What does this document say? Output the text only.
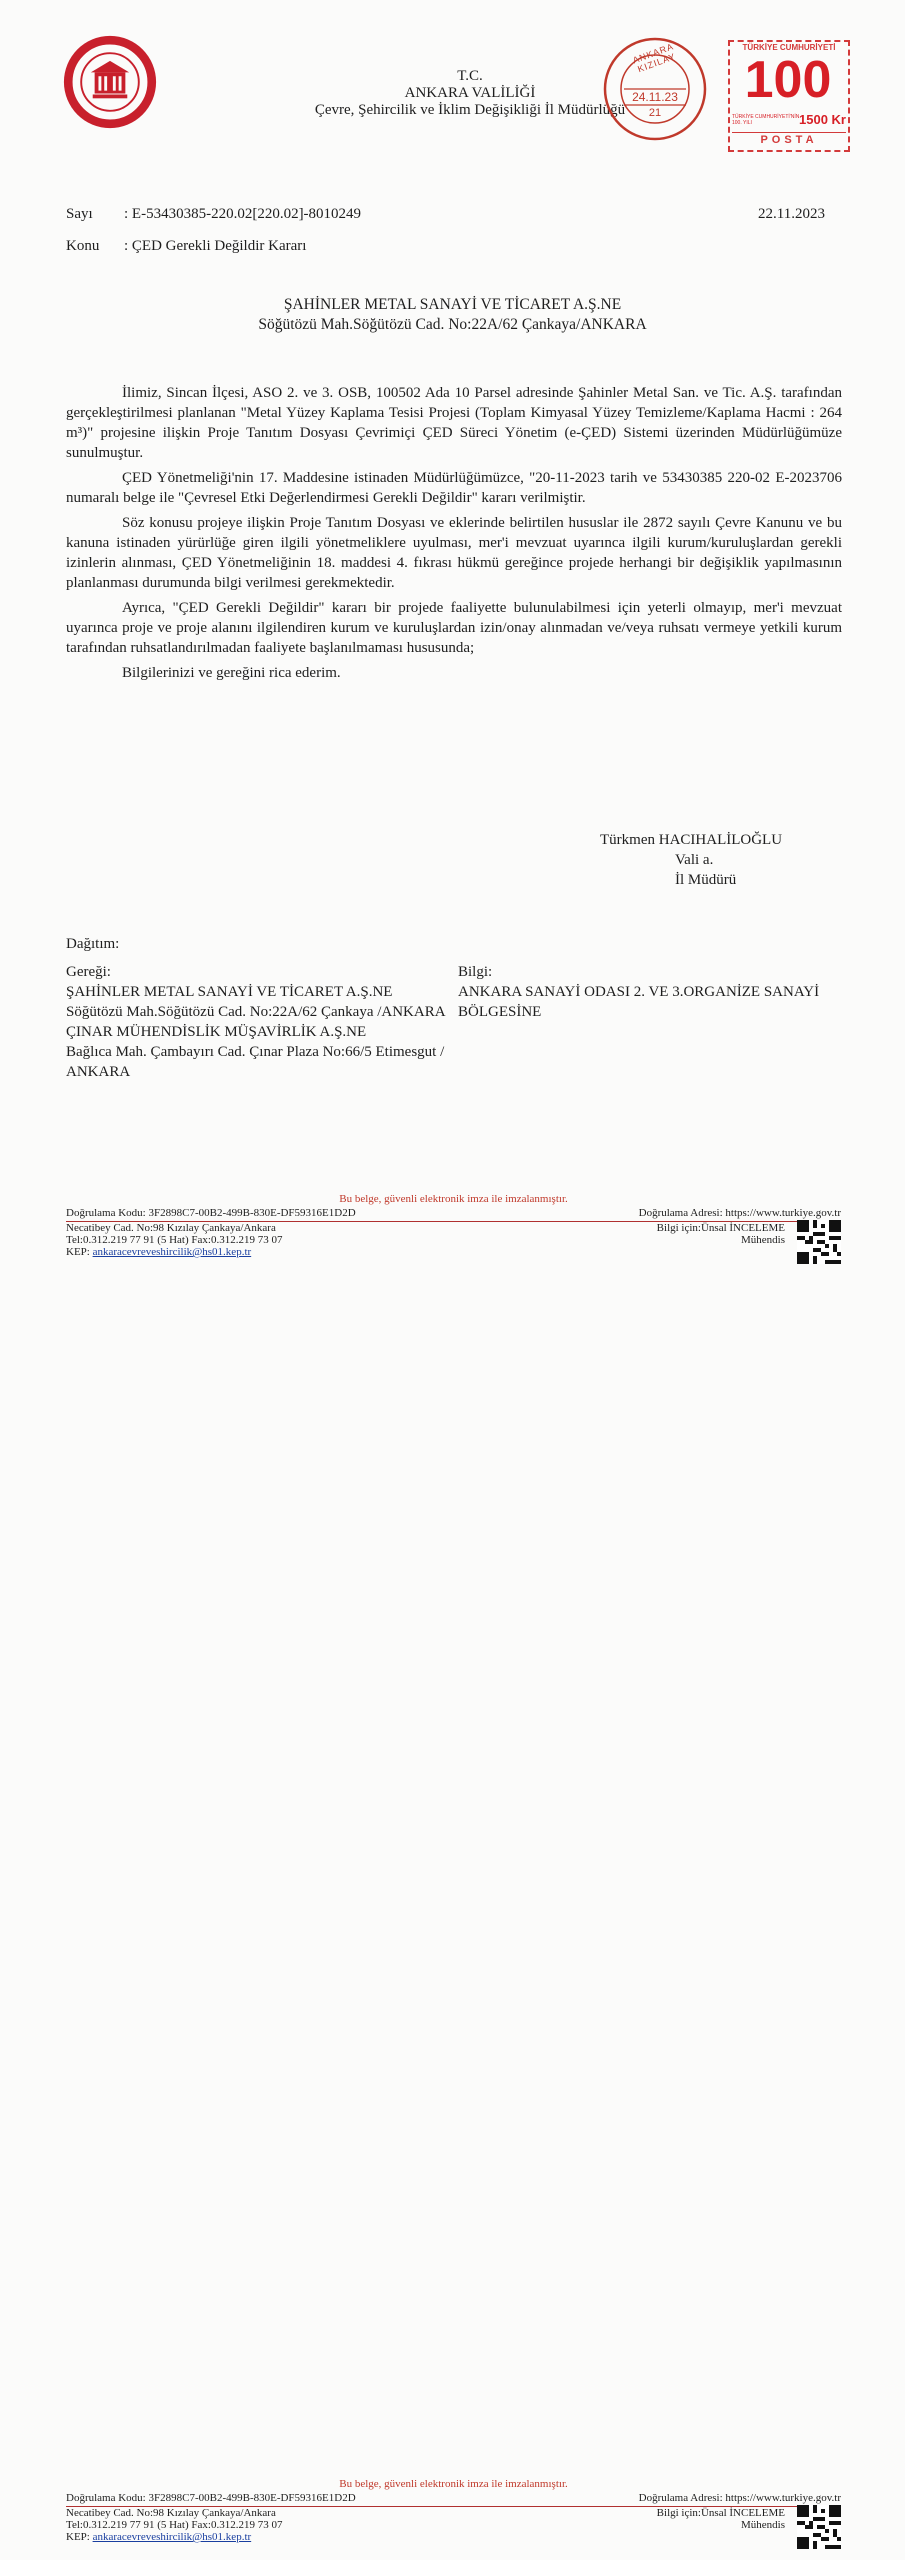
T.C.
ANKARA VALİLİĞİ
Çevre, Şehircilik ve İklim Değişikliği İl Müdürlüğü
ANKARA KIZILAY
24.11.23
21
TÜRKİYE CUMHURİYETİ
100
1500 Kr
TÜRKİYE CUMHURİYETİ'NİN 100. YILI
POSTA
Sayı : E-53430385-220.02[220.02]-8010249
Konu : ÇED Gerekli Değildir Kararı
22.11.2023
ŞAHİNLER METAL SANAYİ VE TİCARET A.Ş.NE
Söğütözü Mah.Söğütözü Cad. No:22A/62 Çankaya/ANKARA

İlimiz, Sincan İlçesi, ASO 2. ve 3. OSB, 100502 Ada 10 Parsel adresinde Şahinler Metal San. ve Tic. A.Ş. tarafından gerçekleştirilmesi planlanan "Metal Yüzey Kaplama Tesisi Projesi (Toplam Kimyasal Yüzey Temizleme/Kaplama Hacmi : 264 m³)" projesine ilişkin Proje Tanıtım Dosyası Çevrimiçi ÇED Süreci Yönetim (e-ÇED) Sistemi üzerinden Müdürlüğümüze sunulmuştur.

ÇED Yönetmeliği'nin 17. Maddesine istinaden Müdürlüğümüzce, "20-11-2023 tarih ve 53430385 220-02 E-2023706 numaralı belge ile "Çevresel Etki Değerlendirmesi Gerekli Değildir" kararı verilmiştir.

Söz konusu projeye ilişkin Proje Tanıtım Dosyası ve eklerinde belirtilen hususlar ile 2872 sayılı Çevre Kanunu ve bu kanuna istinaden yürürlüğe giren ilgili yönetmeliklere uyulması, mer'i mevzuat uyarınca ilgili kurum/kuruluşlardan gerekli izinlerin alınması, ÇED Yönetmeliğinin 18. maddesi 4. fıkrası hükmü gereğince projede herhangi bir değişiklik yapılmasının planlanması durumunda bilgi verilmesi gerekmektedir.

Ayrıca, "ÇED Gerekli Değildir" kararı bir projede faaliyette bulunulabilmesi için yeterli olmayıp, mer'i mevzuat uyarınca proje ve proje alanını ilgilendiren kurum ve kuruluşlardan izin/onay alınmadan ve/veya ruhsatı vermeye yetkili kurum tarafından ruhsatlandırılmadan faaliyete başlanılmaması hususunda;

Bilgilerinizi ve gereğini rica ederim.

Türkmen HACIHALİLOĞLU
Vali a.
İl Müdürü
Dağıtım:
Gereği:
ŞAHİNLER METAL SANAYİ VE TİCARET A.Ş.NE
Söğütözü Mah.Söğütözü Cad. No:22A/62 Çankaya /ANKARA
ÇINAR MÜHENDİSLİK MÜŞAVİRLİK A.Ş.NE
Bağlıca Mah. Çambayırı Cad. Çınar Plaza No:66/5 Etimesgut / ANKARA
Bilgi:
ANKARA SANAYİ ODASI 2. VE 3.ORGANİZE SANAYİ BÖLGESİNE
Bu belge, güvenli elektronik imza ile imzalanmıştır.
Doğrulama Kodu: 3F2898C7-00B2-499B-830E-DF59316E1D2D	Doğrulama Adresi: https://www.turkiye.gov.tr
Necatibey Cad. No:98 Kızılay Çankaya/Ankara
Tel:0.312.219 77 91 (5 Hat) Fax:0.312.219 73 07
KEP: ankaracevreveshircilik@hs01.kep.tr
Bilgi için:Ünsal İNCELEME
Mühendis
Bu belge, güvenli elektronik imza ile imzalanmıştır.
Doğrulama Kodu: 3F2898C7-00B2-499B-830E-DF59316E1D2D	Doğrulama Adresi: https://www.turkiye.gov.tr
Necatibey Cad. No:98 Kızılay Çankaya/Ankara
Tel:0.312.219 77 91 (5 Hat) Fax:0.312.219 73 07
KEP: ankaracevreveshircilik@hs01.kep.tr
Bilgi için:Ünsal İNCELEME
Mühendis
